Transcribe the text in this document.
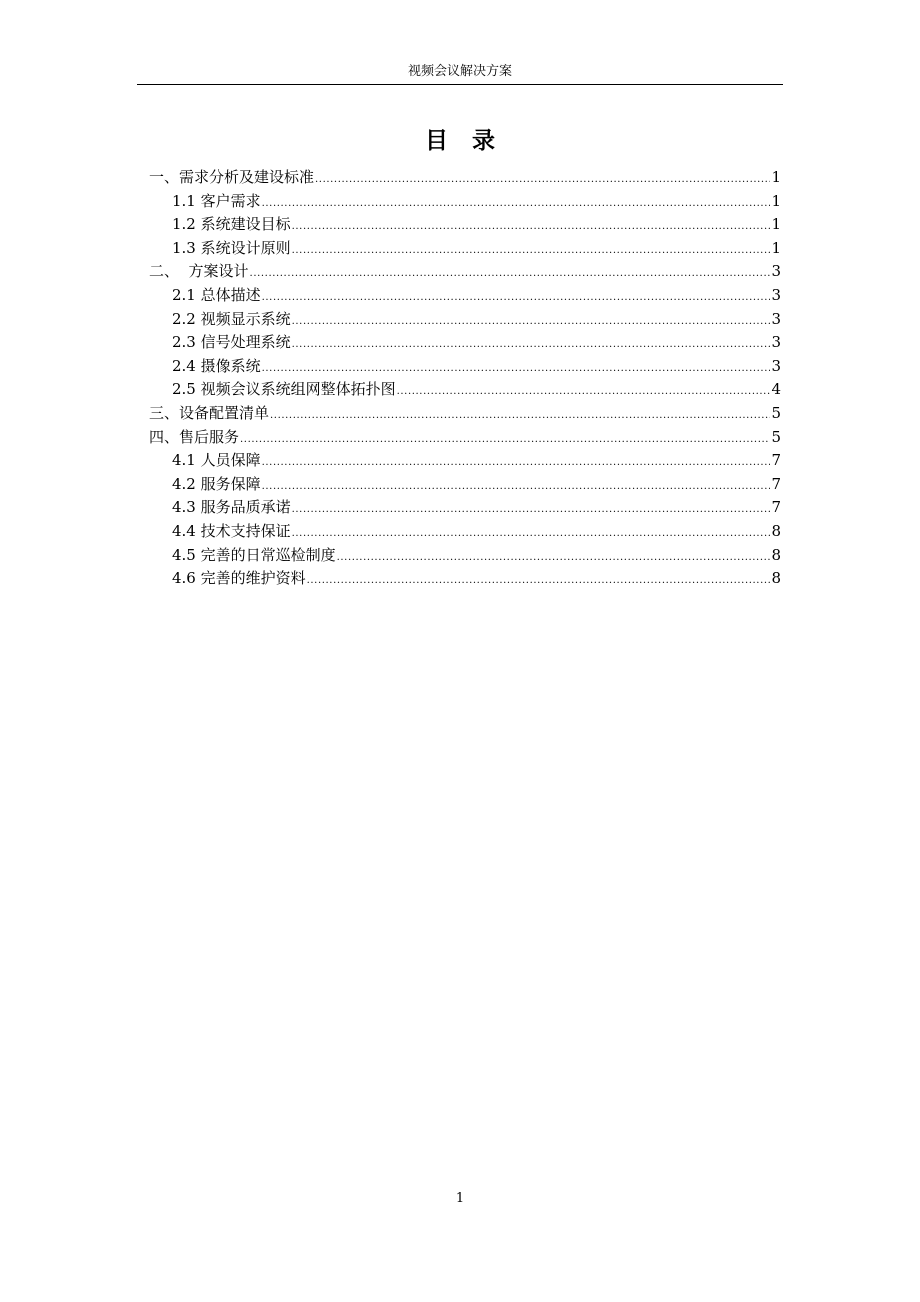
视频会议解决方案
目录
一、需求分析及建设标准 .....	1
1.1 客户需求 .....	1
1.2 系统建设目标 .....	1
1.3 系统设计原则 .....	1
二、  方案设计 .....	3
2.1 总体描述 .....	3
2.2 视频显示系统 .....	3
2.3 信号处理系统 .....	3
2.4 摄像系统 .....	3
2.5 视频会议系统组网整体拓扑图 .....	4
三、设备配置清单 .....	5
四、售后服务 .....	5
4.1 人员保障 .....	7
4.2 服务保障 .....	7
4.3 服务品质承诺 .....	7
4.4 技术支持保证 .....	8
4.5 完善的日常巡检制度 .....	8
4.6 完善的维护资料 .....	8
1
